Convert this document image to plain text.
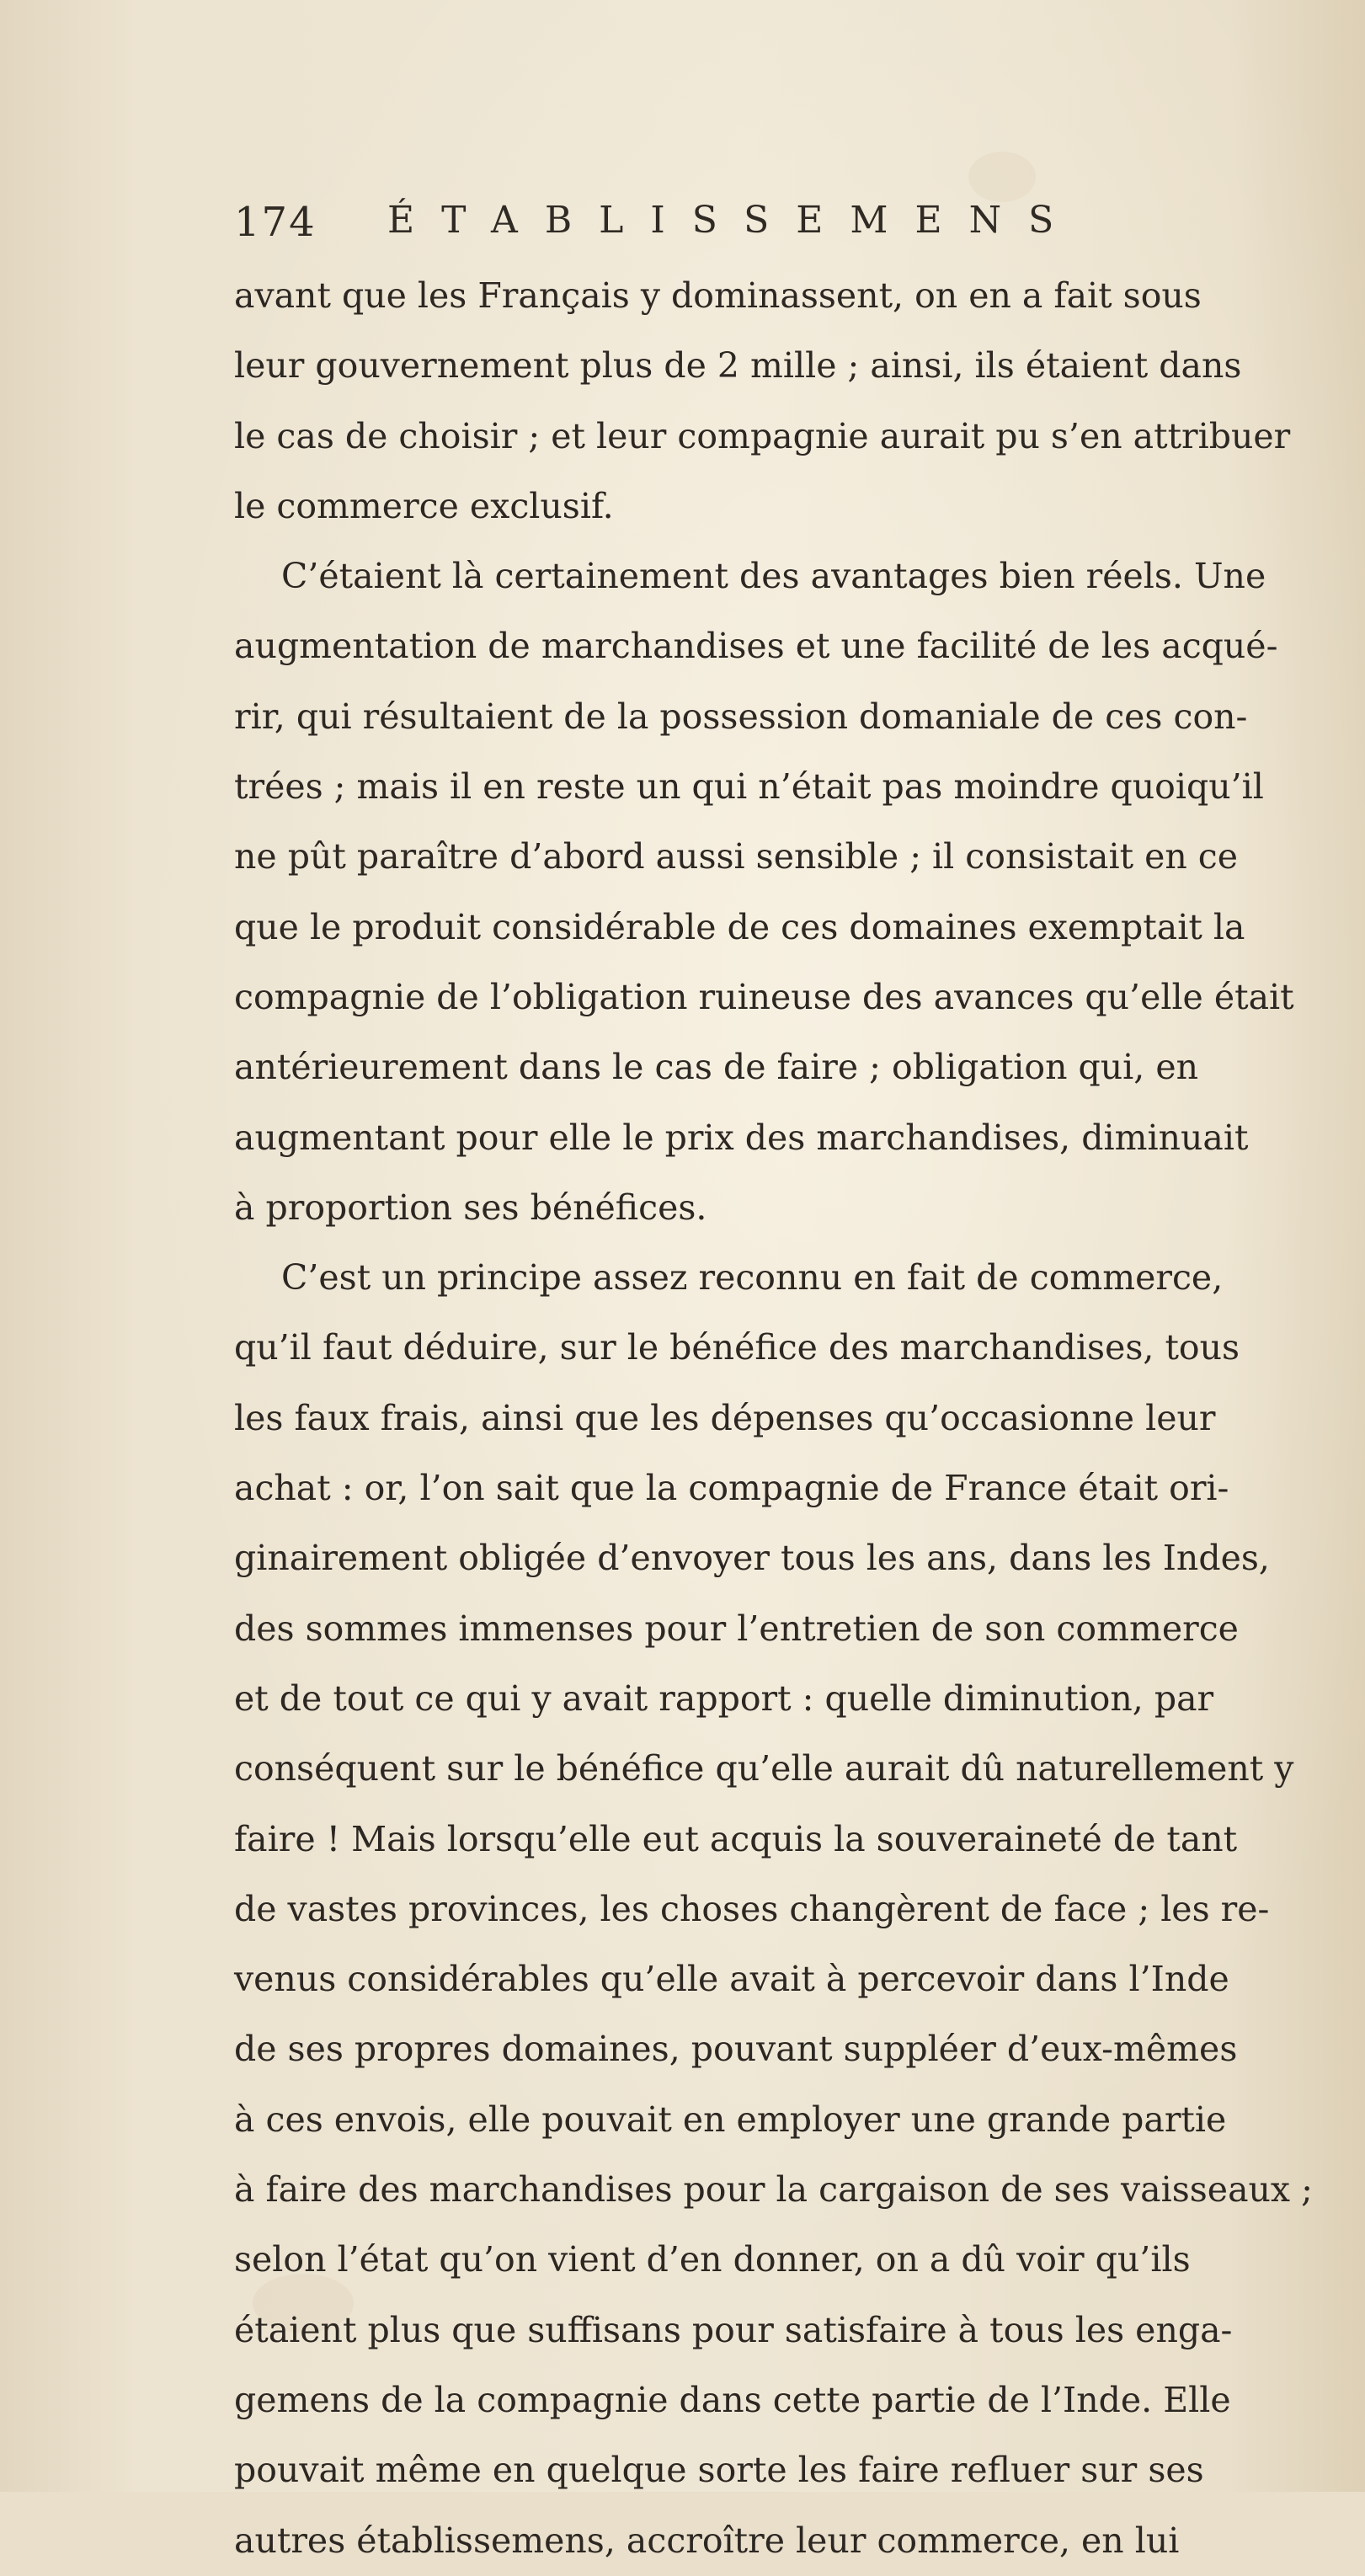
174 ÉTABLISSEMENS
avant que les Français y dominassent, on en a fait sous
leur gouvernement plus de 2 mille ; ainsi, ils étaient dans
le cas de choisir ; et leur compagnie aurait pu s’en attribuer
le commerce exclusif.
C’étaient là certainement des avantages bien réels. Une
augmentation de marchandises et une facilité de les acqué-
rir, qui résultaient de la possession domaniale de ces con-
trées ; mais il en reste un qui n’était pas moindre quoiqu’il
ne pût paraître d’abord aussi sensible ; il consistait en ce
que le produit considérable de ces domaines exemptait la
compagnie de l’obligation ruineuse des avances qu’elle était
antérieurement dans le cas de faire ; obligation qui, en
augmentant pour elle le prix des marchandises, diminuait
à proportion ses bénéfices.
C’est un principe assez reconnu en fait de commerce,
qu’il faut déduire, sur le bénéfice des marchandises, tous
les faux frais, ainsi que les dépenses qu’occasionne leur
achat : or, l’on sait que la compagnie de France était ori-
ginairement obligée d’envoyer tous les ans, dans les Indes,
des sommes immenses pour l’entretien de son commerce
et de tout ce qui y avait rapport : quelle diminution, par
conséquent sur le bénéfice qu’elle aurait dû naturellement y
faire ! Mais lorsqu’elle eut acquis la souveraineté de tant
de vastes provinces, les choses changèrent de face ; les re-
venus considérables qu’elle avait à percevoir dans l’Inde
de ses propres domaines, pouvant suppléer d’eux-mêmes
à ces envois, elle pouvait en employer une grande partie
à faire des marchandises pour la cargaison de ses vaisseaux ;
selon l’état qu’on vient d’en donner, on a dû voir qu’ils
étaient plus que suffisans pour satisfaire à tous les enga-
gemens de la compagnie dans cette partie de l’Inde. Elle
pouvait même en quelque sorte les faire refluer sur ses
autres établissemens, accroître leur commerce, en lui
